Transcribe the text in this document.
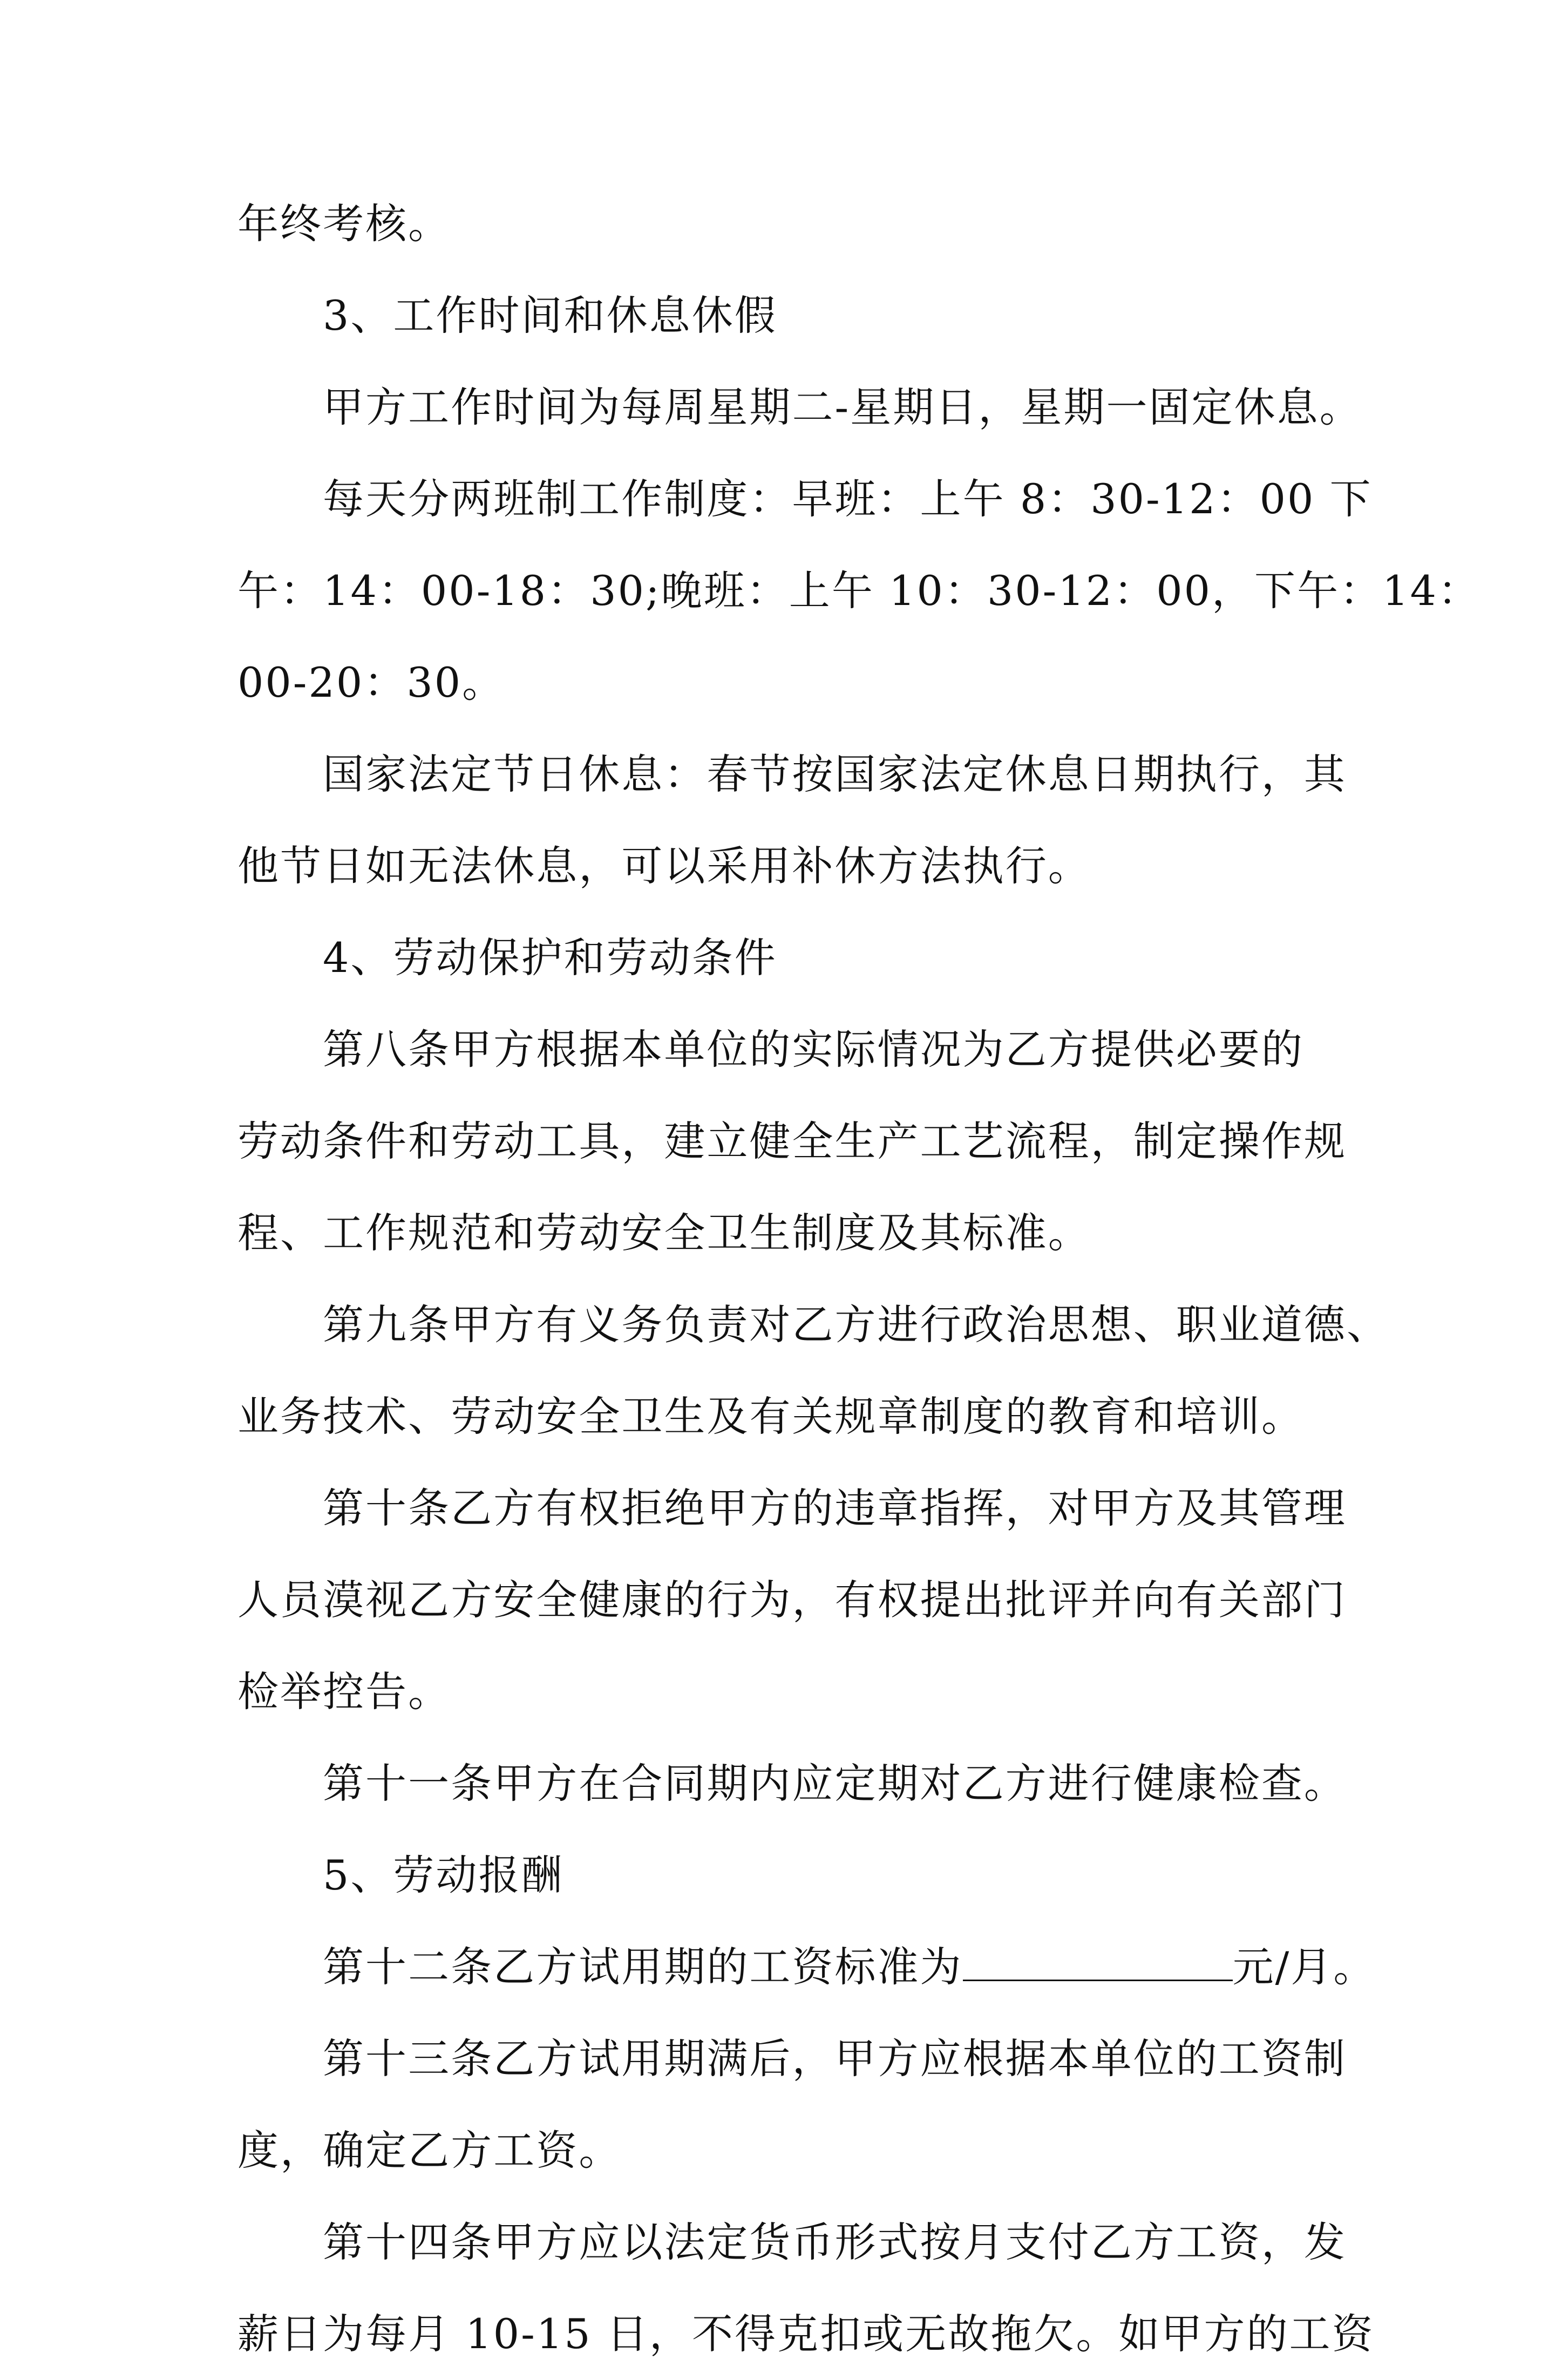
年终考核。
3、工作时间和休息休假
甲方工作时间为每周星期二-星期日，星期一固定休息。
每天分两班制工作制度：早班：上午 8：30-12：00 下
午：14：00-18：30;晚班：上午 10：30-12：00，下午：14：
00-20：30。
国家法定节日休息：春节按国家法定休息日期执行，其
他节日如无法休息，可以采用补休方法执行。
4、劳动保护和劳动条件
第八条甲方根据本单位的实际情况为乙方提供必要的
劳动条件和劳动工具，建立健全生产工艺流程，制定操作规
程、工作规范和劳动安全卫生制度及其标准。
第九条甲方有义务负责对乙方进行政治思想、职业道德、
业务技术、劳动安全卫生及有关规章制度的教育和培训。
第十条乙方有权拒绝甲方的违章指挥，对甲方及其管理
人员漠视乙方安全健康的行为，有权提出批评并向有关部门
检举控告。
第十一条甲方在合同期内应定期对乙方进行健康检查。
5、劳动报酬
第十二条乙方试用期的工资标准为	元/月。
第十三条乙方试用期满后，甲方应根据本单位的工资制
度，确定乙方工资。
第十四条甲方应以法定货币形式按月支付乙方工资，发
薪日为每月 10-15 日，不得克扣或无故拖欠。如甲方的工资
